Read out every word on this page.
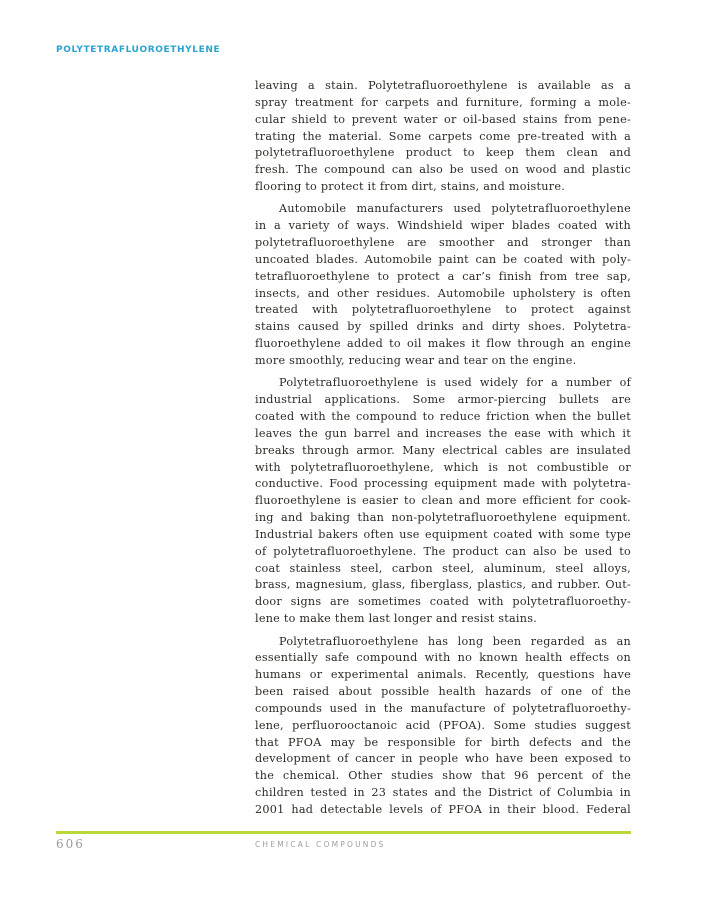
POLYTETRAFLUOROETHYLENE
leaving a stain. Polytetrafluoroethylene is available as a
spray treatment for carpets and furniture, forming a mole-
cular shield to prevent water or oil-based stains from pene-
trating the material. Some carpets come pre-treated with a
polytetrafluoroethylene product to keep them clean and
fresh. The compound can also be used on wood and plastic
flooring to protect it from dirt, stains, and moisture.
Automobile manufacturers used polytetrafluoroethylene
in a variety of ways. Windshield wiper blades coated with
polytetrafluoroethylene are smoother and stronger than
uncoated blades. Automobile paint can be coated with poly-
tetrafluoroethylene to protect a car’s finish from tree sap,
insects, and other residues. Automobile upholstery is often
treated with polytetrafluoroethylene to protect against
stains caused by spilled drinks and dirty shoes. Polytetra-
fluoroethylene added to oil makes it flow through an engine
more smoothly, reducing wear and tear on the engine.
Polytetrafluoroethylene is used widely for a number of
industrial applications. Some armor-piercing bullets are
coated with the compound to reduce friction when the bullet
leaves the gun barrel and increases the ease with which it
breaks through armor. Many electrical cables are insulated
with polytetrafluoroethylene, which is not combustible or
conductive. Food processing equipment made with polytetra-
fluoroethylene is easier to clean and more efficient for cook-
ing and baking than non-polytetrafluoroethylene equipment.
Industrial bakers often use equipment coated with some type
of polytetrafluoroethylene. The product can also be used to
coat stainless steel, carbon steel, aluminum, steel alloys,
brass, magnesium, glass, fiberglass, plastics, and rubber. Out-
door signs are sometimes coated with polytetrafluoroethy-
lene to make them last longer and resist stains.
Polytetrafluoroethylene has long been regarded as an
essentially safe compound with no known health effects on
humans or experimental animals. Recently, questions have
been raised about possible health hazards of one of the
compounds used in the manufacture of polytetrafluoroethy-
lene, perfluorooctanoic acid (PFOA). Some studies suggest
that PFOA may be responsible for birth defects and the
development of cancer in people who have been exposed to
the chemical. Other studies show that 96 percent of the
children tested in 23 states and the District of Columbia in
2001 had detectable levels of PFOA in their blood. Federal
606	CHEMICAL COMPOUNDS
